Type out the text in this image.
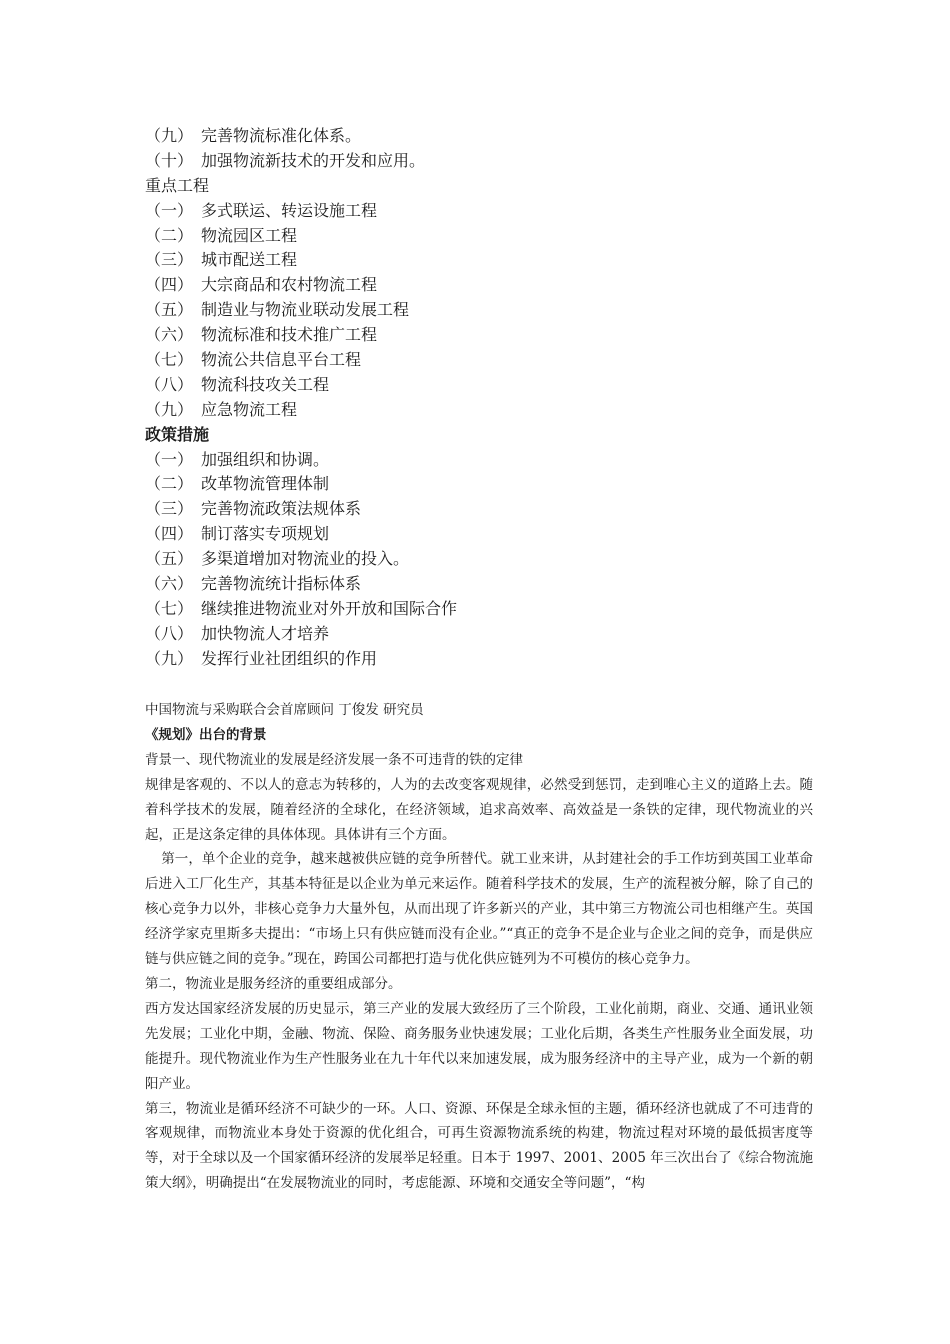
（九） 完善物流标准化体系。
（十） 加强物流新技术的开发和应用。
重点工程
（一） 多式联运、转运设施工程
（二） 物流园区工程
（三） 城市配送工程
（四） 大宗商品和农村物流工程
（五） 制造业与物流业联动发展工程
（六） 物流标准和技术推广工程
（七） 物流公共信息平台工程
（八） 物流科技攻关工程
（九） 应急物流工程
政策措施
（一） 加强组织和协调。
（二） 改革物流管理体制
（三） 完善物流政策法规体系
（四） 制订落实专项规划
（五） 多渠道增加对物流业的投入。
（六） 完善物流统计指标体系
（七） 继续推进物流业对外开放和国际合作
（八） 加快物流人才培养
（九） 发挥行业社团组织的作用
中国物流与采购联合会首席顾问 丁俊发 研究员
《规划》出台的背景
背景一、现代物流业的发展是经济发展一条不可违背的铁的定律
规律是客观的、不以人的意志为转移的，人为的去改变客观规律，必然受到惩罚，走到唯心主义的道路上去。随着科学技术的发展，随着经济的全球化，在经济领域，追求高效率、高效益是一条铁的定律，现代物流业的兴起，正是这条定律的具体体现。具体讲有三个方面。
第一，单个企业的竞争，越来越被供应链的竞争所替代。就工业来讲，从封建社会的手工作坊到英国工业革命后进入工厂化生产，其基本特征是以企业为单元来运作。随着科学技术的发展，生产的流程被分解，除了自己的核心竞争力以外，非核心竞争力大量外包，从而出现了许多新兴的产业，其中第三方物流公司也相继产生。英国经济学家克里斯多夫提出：“市场上只有供应链而没有企业。”“真正的竞争不是企业与企业之间的竞争，而是供应链与供应链之间的竞争。”现在，跨国公司都把打造与优化供应链列为不可模仿的核心竞争力。
第二，物流业是服务经济的重要组成部分。
西方发达国家经济发展的历史显示，第三产业的发展大致经历了三个阶段，工业化前期，商业、交通、通讯业领先发展；工业化中期，金融、物流、保险、商务服务业快速发展；工业化后期，各类生产性服务业全面发展，功能提升。现代物流业作为生产性服务业在九十年代以来加速发展，成为服务经济中的主导产业，成为一个新的朝阳产业。
第三，物流业是循环经济不可缺少的一环。人口、资源、环保是全球永恒的主题，循环经济也就成了不可违背的客观规律，而物流业本身处于资源的优化组合，可再生资源物流系统的构建，物流过程对环境的最低损害度等等，对于全球以及一个国家循环经济的发展举足轻重。日本于 1997、2001、2005 年三次出台了《综合物流施策大纲》，明确提出“在发展物流业的同时，考虑能源、环境和交通安全等问题”，“构
